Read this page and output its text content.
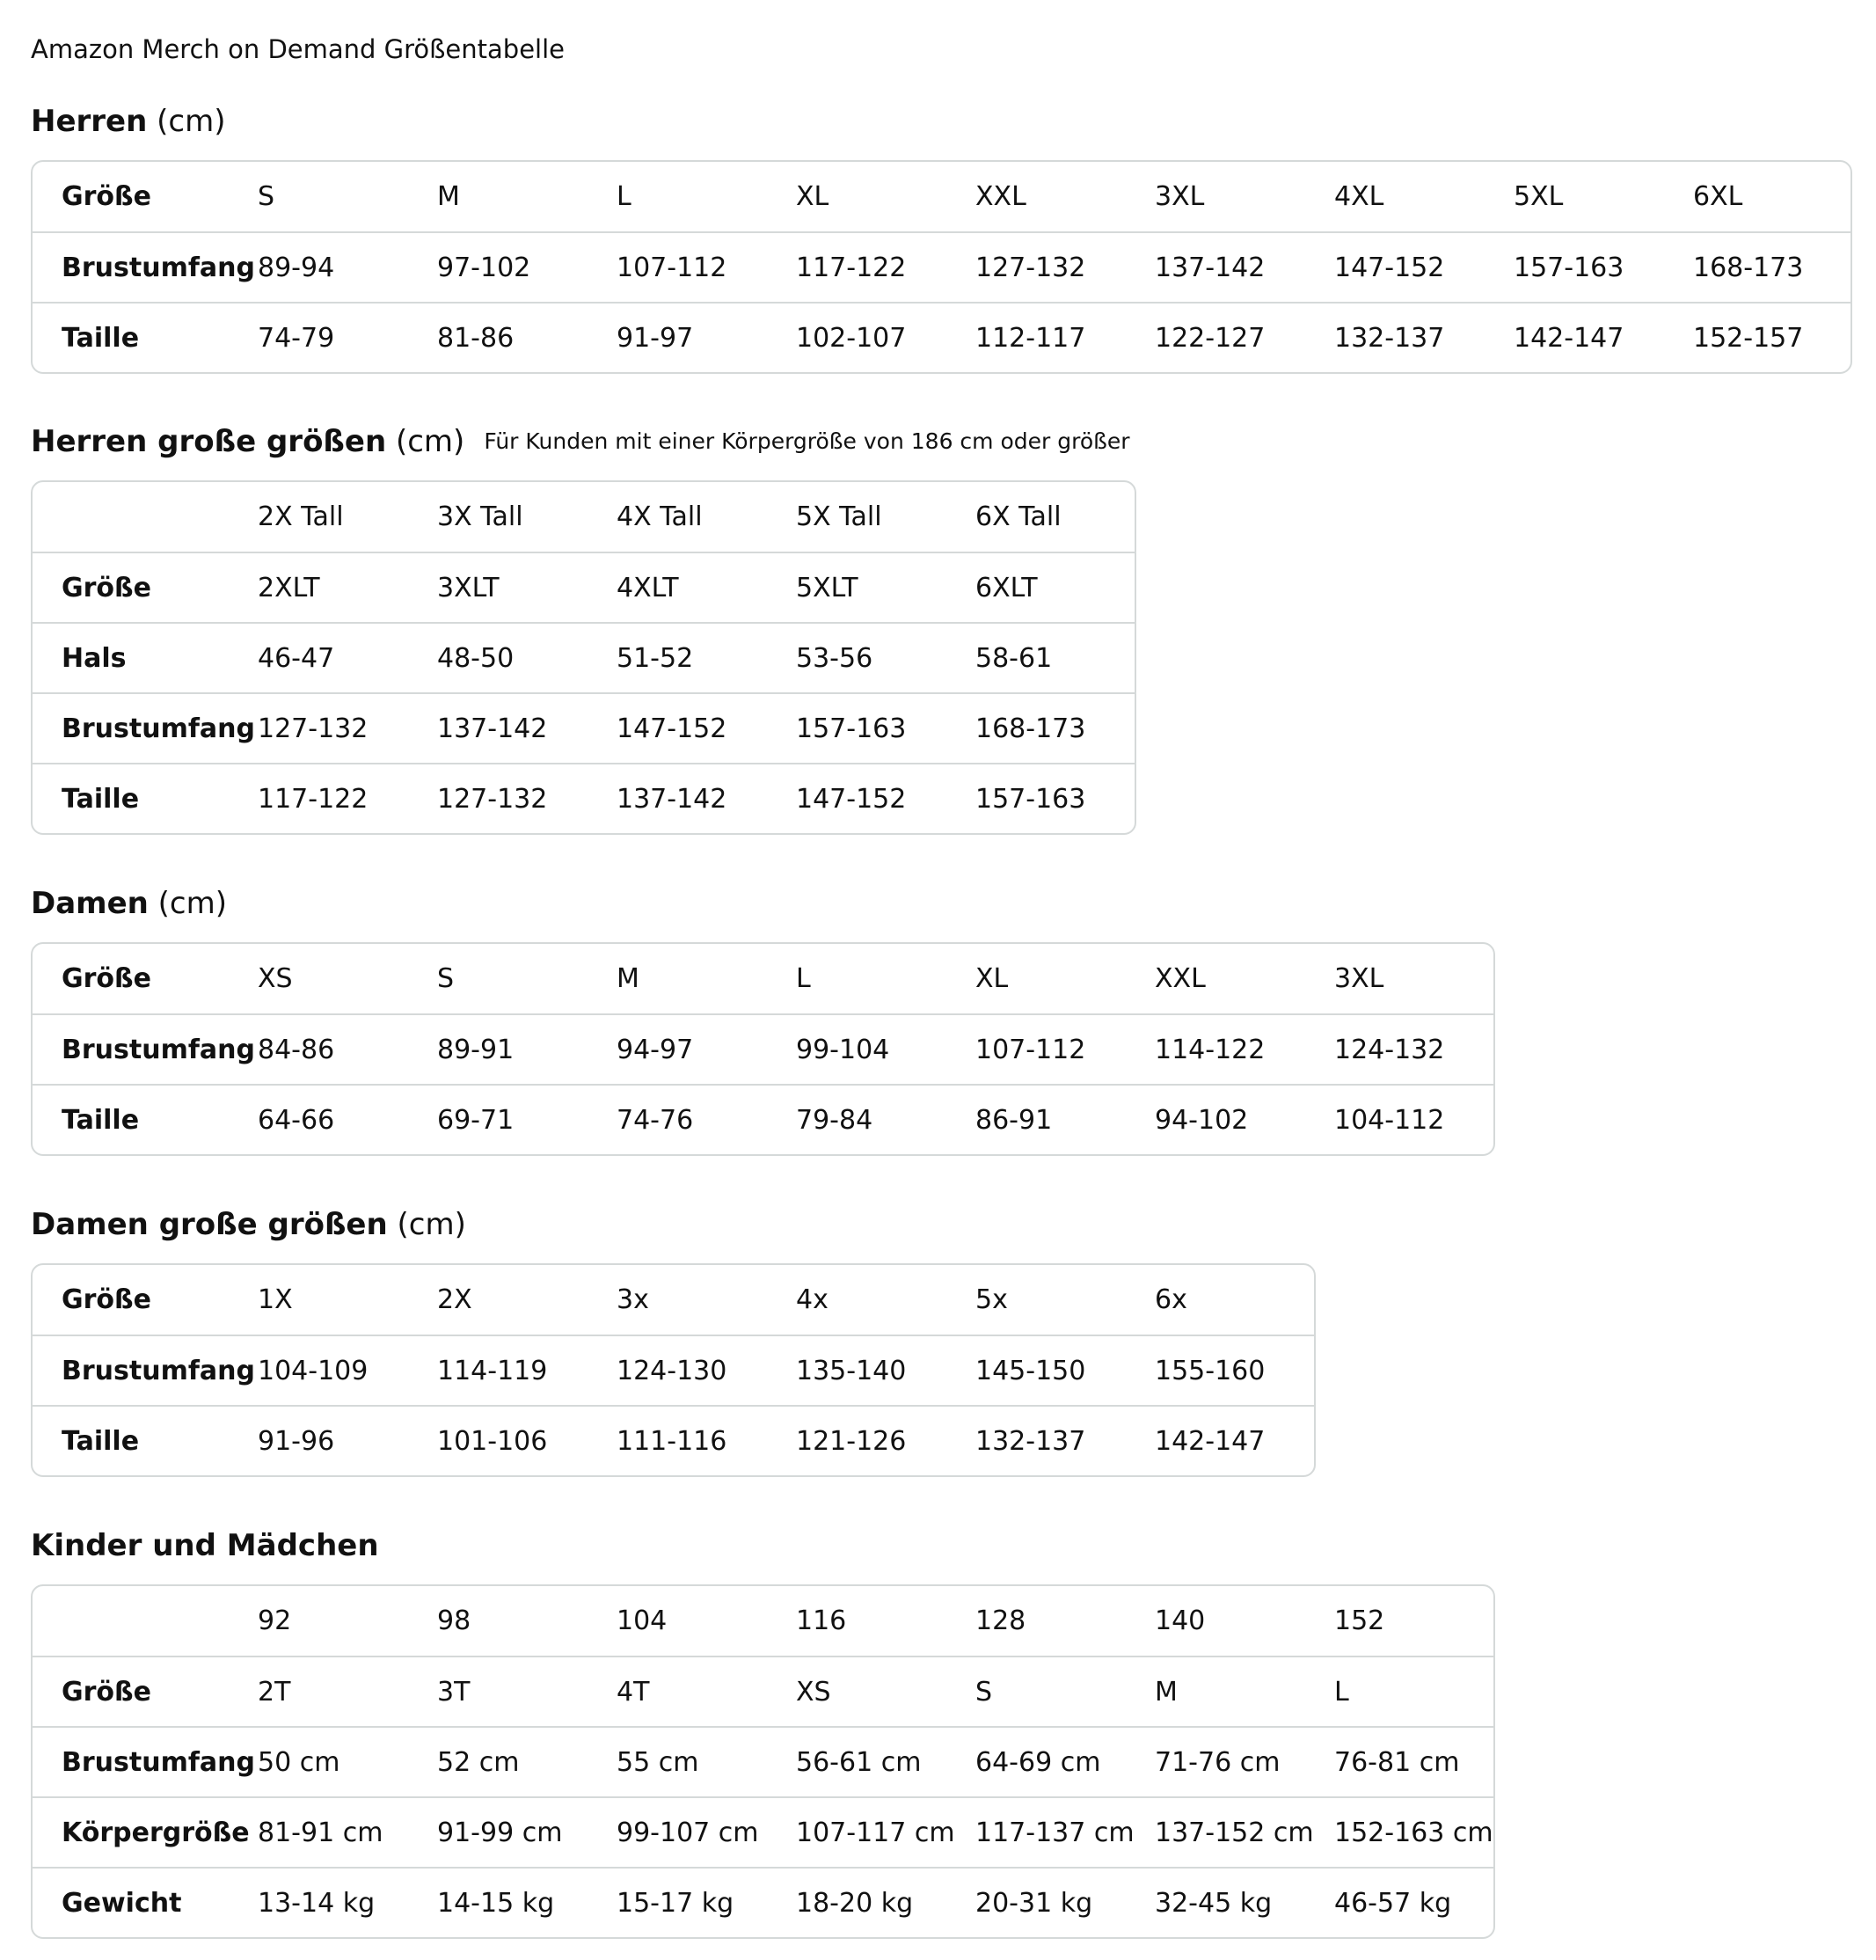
Amazon Merch on Demand Größentabelle
Herren (cm)
Größe	S	M	L	XL	XXL	3XL	4XL	5XL	6XL
Brustumfang 89-94	97-102	107-112	117-122	127-132	137-142	147-152	157-163	168-173
Taille	74-79	81-86	91-97	102-107	112-117	122-127	132-137	142-147	152-157
Herren große größen (cm) Für Kunden mit einer Körpergröße von 186 cm oder größer
2X Tall	3X Tall	4X Tall	5X Tall	6X Tall
Größe	2XLT	3XLT	4XLT	5XLT	6XLT
Hals	46-47	48-50	51-52	53-56	58-61
Brustumfang 127-132	137-142	147-152	157-163	168-173
Taille	117-122	127-132	137-142	147-152	157-163
Damen (cm)
Größe	XS	S	M	L	XL	XXL	3XL
Brustumfang 84-86	89-91	94-97	99-104	107-112	114-122	124-132
Taille	64-66	69-71	74-76	79-84	86-91	94-102	104-112
Damen große größen (cm)
Größe	1X	2X	3x	4x	5x	6x
Brustumfang 104-109	114-119	124-130	135-140	145-150	155-160
Taille	91-96	101-106	111-116	121-126	132-137	142-147
Kinder und Mädchen
92	98	104	116	128	140	152
Größe	2T	3T	4T	XS	S	M	L
Brustumfang 50 cm	52 cm	55 cm	56-61 cm 64-69 cm 71-76 cm 76-81 cm
Körpergröße 81-91 cm 91-99 cm 99-107 cm 107-117 cm 117-137 cm 137-152 cm 152-163 cm
Gewicht	13-14 kg 14-15 kg 15-17 kg 18-20 kg 20-31 kg 32-45 kg 46-57 kg
